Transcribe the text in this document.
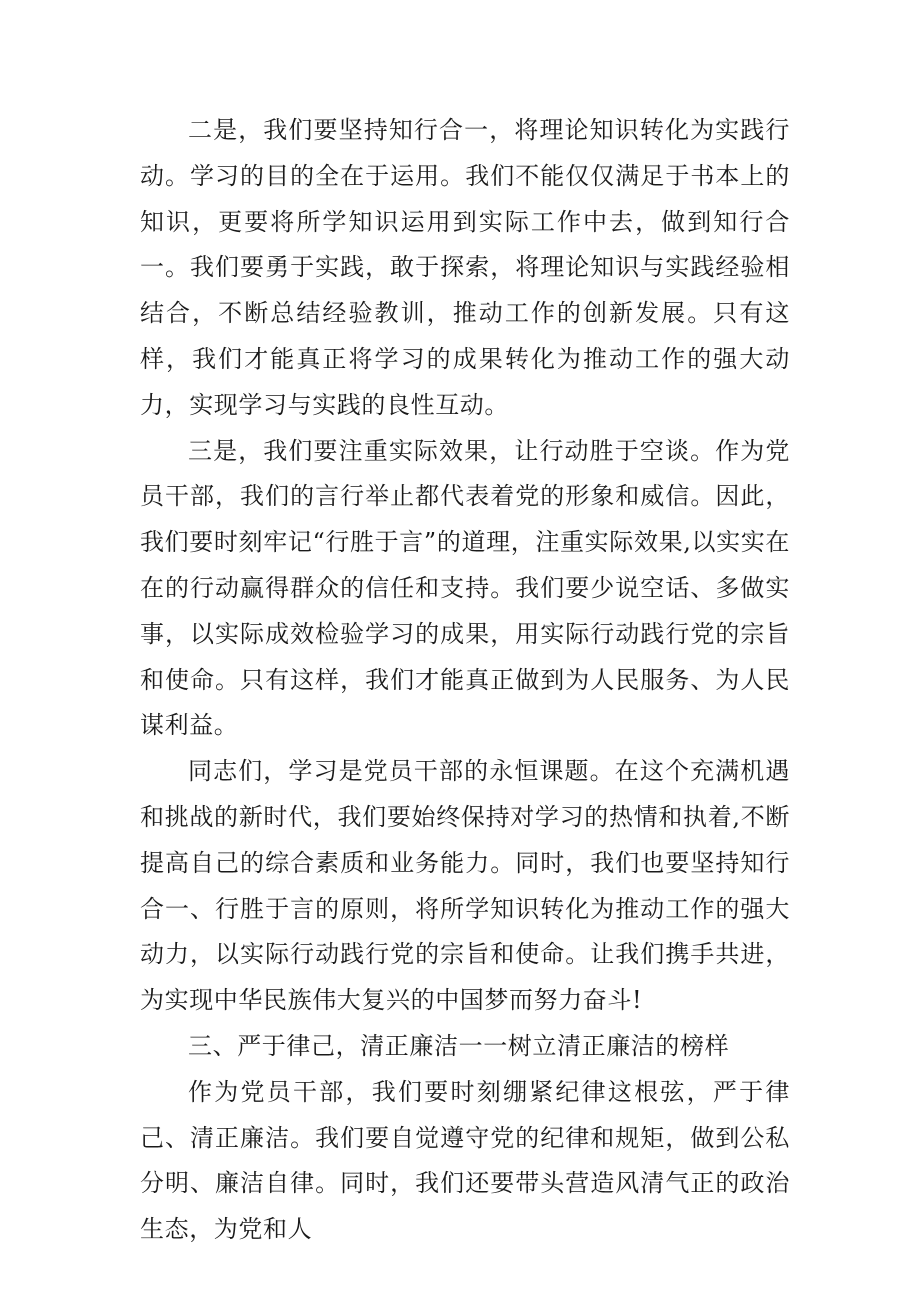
二是，我们要坚持知行合一，将理论知识转化为实践行动。学习的目的全在于运用。我们不能仅仅满足于书本上的知识，更要将所学知识运用到实际工作中去，做到知行合一。我们要勇于实践，敢于探索，将理论知识与实践经验相结合，不断总结经验教训，推动工作的创新发展。只有这样，我们才能真正将学习的成果转化为推动工作的强大动力，实现学习与实践的良性互动。

三是，我们要注重实际效果，让行动胜于空谈。作为党员干部，我们的言行举止都代表着党的形象和威信。因此，我们要时刻牢记“行胜于言”的道理，注重实际效果,以实实在在的行动赢得群众的信任和支持。我们要少说空话、多做实事，以实际成效检验学习的成果，用实际行动践行党的宗旨和使命。只有这样，我们才能真正做到为人民服务、为人民谋利益。

同志们，学习是党员干部的永恒课题。在这个充满机遇和挑战的新时代，我们要始终保持对学习的热情和执着,不断提高自己的综合素质和业务能力。同时，我们也要坚持知行合一、行胜于言的原则，将所学知识转化为推动工作的强大动力，以实际行动践行党的宗旨和使命。让我们携手共进，为实现中华民族伟大复兴的中国梦而努力奋斗!

三、严于律己，清正廉洁一一树立清正廉洁的榜样

作为党员干部，我们要时刻绷紧纪律这根弦，严于律己、清正廉洁。我们要自觉遵守党的纪律和规矩，做到公私分明、廉洁自律。同时，我们还要带头营造风清气正的政治生态，为党和人
